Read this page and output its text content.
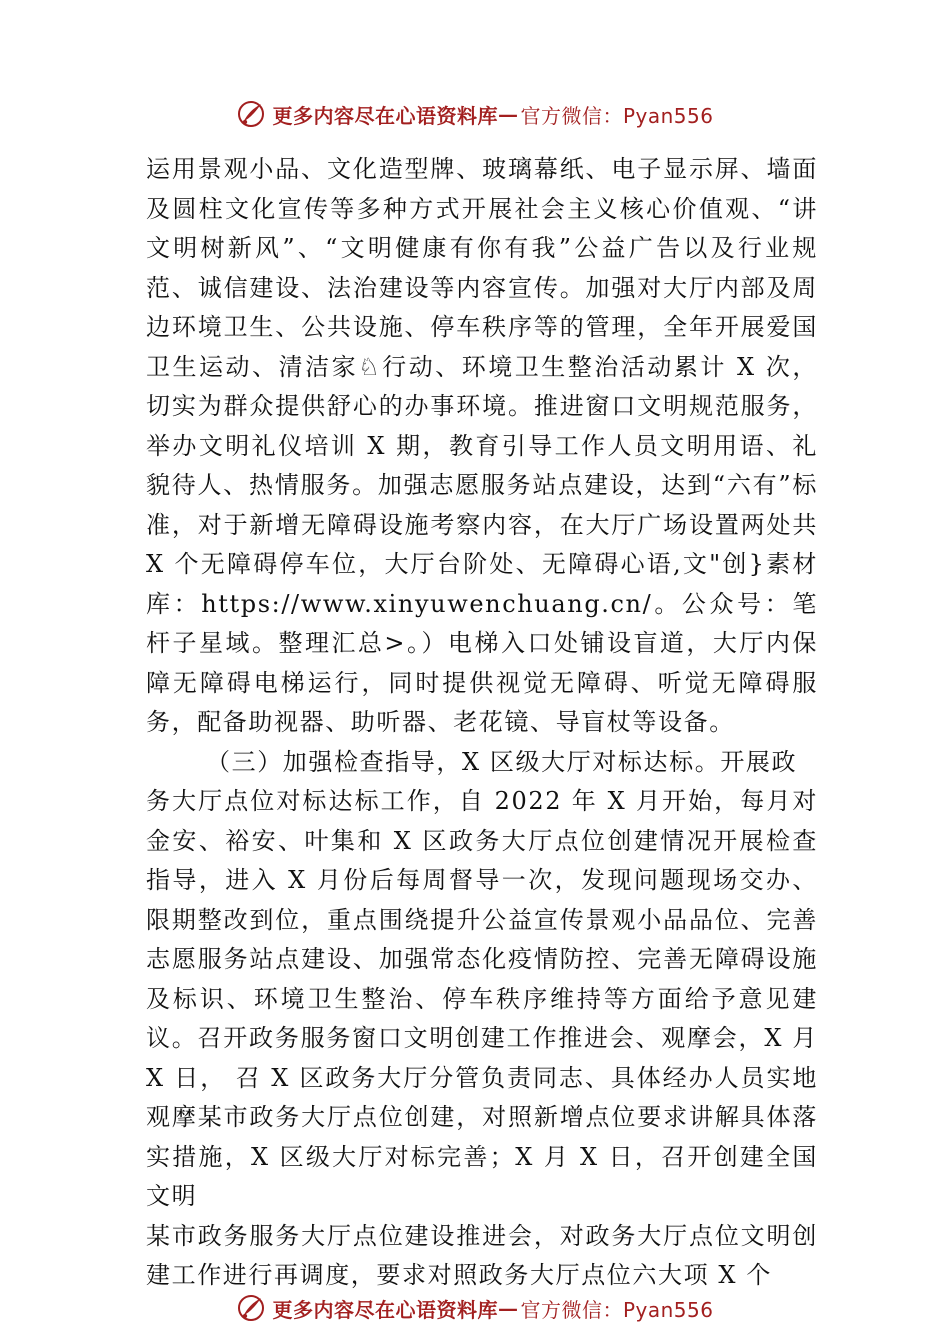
更多内容尽在心语资料库 — 官方微信：Pyan556

运用景观小品、文化造型牌、玻璃幕纸、电子显示屏、墙面及圆柱文化宣传等多种方式开展社会主义核心价值观、“讲文明树新风”、“文明健康有你有我”公益广告以及行业规范、诚信建设、法治建设等内容宣传。加强对大厅内部及周边环境卫生、公共设施、停车秩序等的管理，全年开展爱国卫生运动、清洁家♘行动、环境卫生整治活动累计 X 次，切实为群众提供舒心的办事环境。推进窗口文明规范服务，举办文明礼仪培训 X 期，教育引导工作人员文明用语、礼貌待人、热情服务。加强志愿服务站点建设，达到“六有”标准，对于新增无障碍设施考察内容，在大厅广场设置两处共 X 个无障碍停车位，大厅台阶处、无障碍心语,文"创}素材库：https://www.xinyuwenchuang.cn/。公众号：笔杆子星域。整理汇总>。）电梯入口处铺设盲道，大厅内保障无障碍电梯运行，同时提供视觉无障碍、听觉无障碍服务，配备助视器、助听器、老花镜、导盲杖等设备。

（三）加强检查指导，X 区级大厅对标达标。开展政

务大厅点位对标达标工作，自 2022 年 X 月开始，每月对金安、裕安、叶集和 X 区政务大厅点位创建情况开展检查指导，进入 X 月份后每周督导一次，发现问题现场交办、限期整改到位，重点围绕提升公益宣传景观小品品位、完善志愿服务站点建设、加强常态化疫情防控、完善无障碍设施及标识、环境卫生整治、停车秩序维持等方面给予意见建议。召开政务服务窗口文明创建工作推进会、观摩会，X 月 X 日， 召 X 区政务大厅分管负责同志、具体经办人员实地观摩某市政务大厅点位创建，对照新增点位要求讲解具体落实措施，X 区级大厅对标完善；X 月 X 日，召开创建全国文明

某市政务服务大厅点位建设推进会，对政务大厅点位文明创建工作进行再调度，要求对照政务大厅点位六大项 X 个

更多内容尽在心语资料库 — 官方微信：Pyan556
